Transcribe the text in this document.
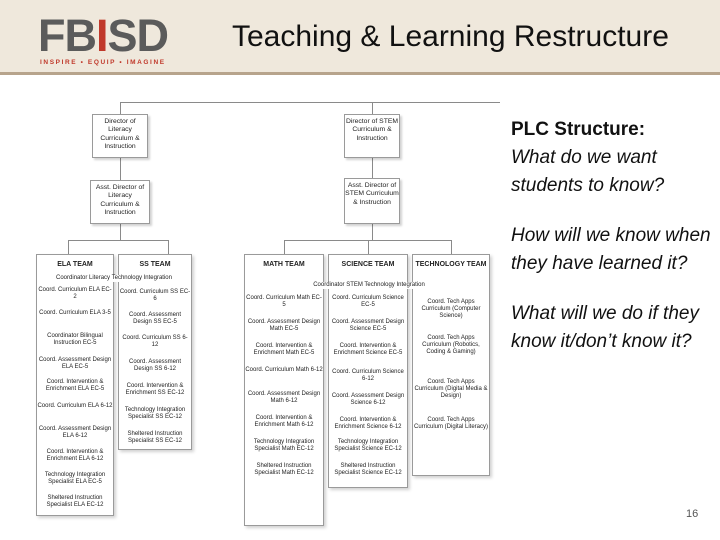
FBISD
INSPIRE • EQUIP • IMAGINE
Teaching & Learning Restructure
Director of Literacy Curriculum & Instruction
Director of STEM Curriculum & Instruction
Asst. Director of Literacy Curriculum & Instruction
Asst. Director of STEM Curriculum & Instruction
ELA TEAM
Coord. Curriculum ELA EC-2
Coord. Curriculum ELA 3-5
Coordinator Bilingual Instruction EC-5
Coord. Assessment Design ELA EC-5
Coord. Intervention & Enrichment ELA EC-5
Coord. Curriculum ELA 6-12
Coord. Assessment Design ELA 6-12
Coord. Intervention & Enrichment ELA 6-12
Technology Integration Specialist ELA EC-5
Sheltered Instruction Specialist ELA EC-12
SS TEAM
Coord. Curriculum SS EC-6
Coord. Assessment Design SS EC-5
Coord. Curriculum SS 6-12
Coord. Assessment Design SS 6-12
Coord. Intervention & Enrichment SS EC-12
Technology Integration Specialist SS EC-12
Sheltered Instruction Specialist SS EC-12
MATH TEAM
Coord. Curriculum Math EC-5
Coord. Assessment Design Math EC-5
Coord. Intervention & Enrichment Math EC-5
Coord. Curriculum Math 6-12
Coord. Assessment Design Math 6-12
Coord. Intervention & Enrichment Math 6-12
Technology Integration Specialist Math EC-12
Sheltered Instruction Specialist Math EC-12
SCIENCE TEAM
Coord. Curriculum Science EC-5
Coord. Assessment Design Science EC-5
Coord. Intervention & Enrichment Science EC-5
Coord. Curriculum Science 6-12
Coord. Assessment Design Science 6-12
Coord. Intervention & Enrichment Science 6-12
Technology Integration Specialist Science EC-12
Sheltered Instruction Specialist Science EC-12
TECHNOLOGY TEAM
Coord. Tech Apps Curriculum (Computer Science)
Coord. Tech Apps Curriculum (Robotics, Coding & Gaming)
Coord. Tech Apps Curriculum (Digital Media & Design)
Coord. Tech Apps Curriculum (Digital Literacy)
Coordinator Literacy Technology Integration
Coordinator STEM Technology Integration

PLC Structure:

What do we want students to know?

How will we know when they have learned it?

What will we do if they know it/don’t know it?

16
